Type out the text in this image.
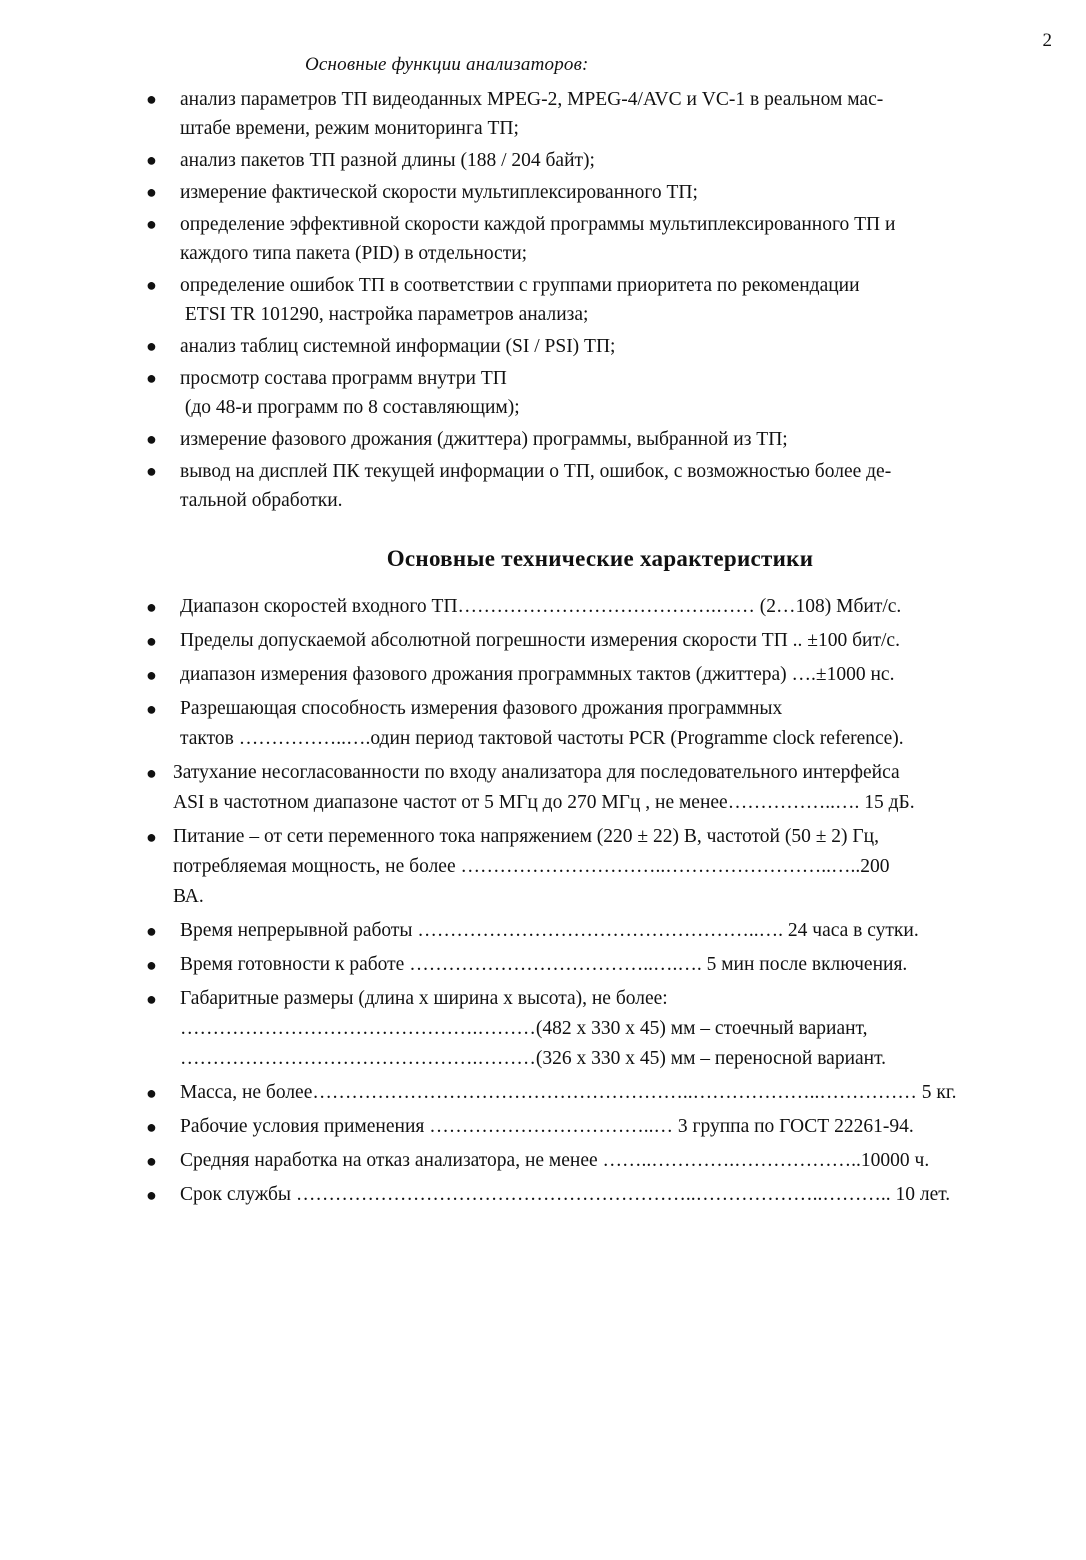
2
Основные функции анализаторов:
● анализ параметров ТП видеоданных MPEG-2, MPEG-4/AVC и VC-1 в реальном мас-
штабе времени, режим мониторинга ТП;
● анализ пакетов ТП разной длины (188 / 204 байт);
● измерение фактической скорости мультиплексированного ТП;
● определение эффективной скорости каждой программы мультиплексированного ТП и
каждого типа пакета (PID) в отдельности;
● определение ошибок ТП в соответствии с группами приоритета по рекомендации
ETSI TR 101290, настройка параметров анализа;
● анализ таблиц системной информации (SI / PSI) ТП;
● просмотр состава программ внутри ТП
(до 48-и программ по 8 составляющим);
● измерение фазового дрожания (джиттера) программы, выбранной из ТП;
● вывод на дисплей ПК текущей информации о ТП, ошибок, с возможностью более де-
тальной обработки.
Основные технические характеристики
● Диапазон скоростей входного ТП………………………………….…… (2…108) Мбит/с.
● Пределы допускаемой абсолютной погрешности измерения скорости ТП .. ±100 бит/с.
● диапазон измерения фазового дрожания программных тактов (джиттера) ….±1000 нс.
● Разрешающая способность измерения фазового дрожания программных
тактов ……………..….один период тактовой частоты PCR (Programme clock reference).
● Затухание несогласованности по входу анализатора для последовательного интерфейса
ASI в частотном диапазоне частот от 5 МГц до 270 МГц , не менее……………..…. 15 дБ.
● Питание – от сети переменного тока напряжением (220 ± 22) В, частотой (50 ± 2) Гц,
потребляемая мощность, не более …………………………..……………………..…..200
ВА.
● Время непрерывной работы ……………………………………………..…. 24 часа в сутки.
● Время готовности к работе ………………………………..….…. 5 мин после включения.
● Габаритные размеры (длина х ширина х высота), не более:
……………………………………….………(482 х 330 х 45) мм – стоечный вариант,
……………………………………….………(326 х 330 х 45) мм – переносной вариант.
● Масса, не более…………………………………………………..………………..…………… 5 кг.
● Рабочие условия применения ……………………………..… 3 группа по ГОСТ 22261-94.
● Средняя наработка на отказ анализатора, не менее ……..………….………………..10000 ч.
● Срок службы ……………………………………………………..………………..……….. 10 лет.
